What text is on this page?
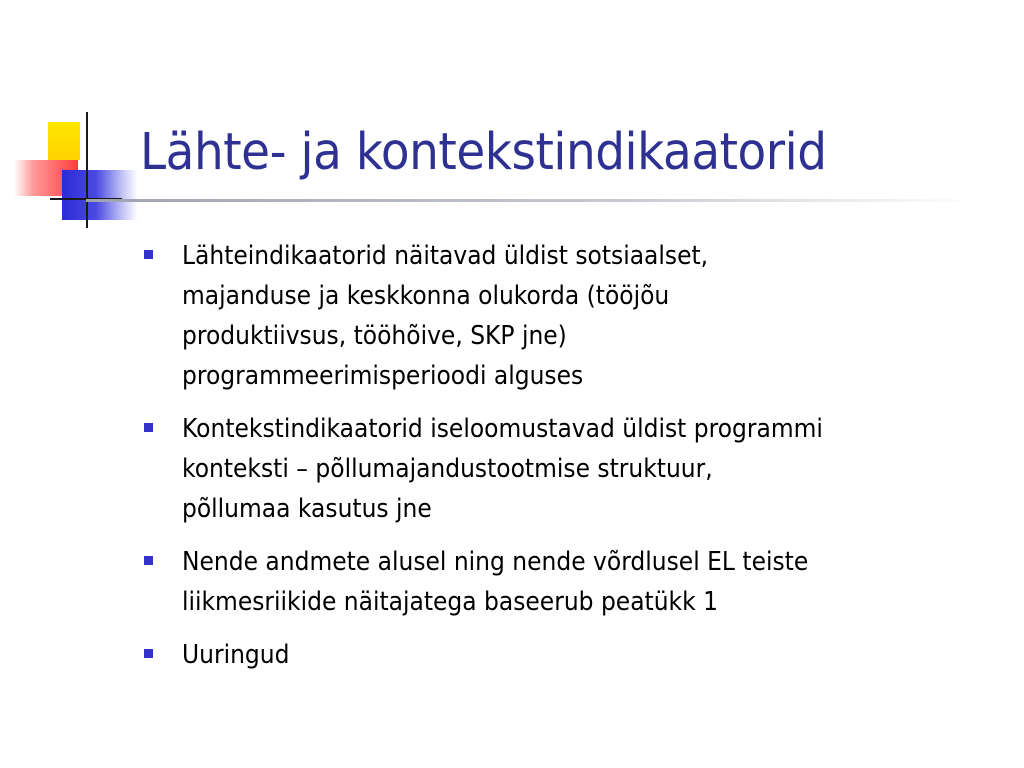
Lähte- ja kontekstindikaatorid
Lähteindikaatorid näitavad üldist sotsiaalset,
majanduse ja keskkonna olukorda (tööjõu
produktiivsus, tööhõive, SKP jne)
programmeerimisperioodi alguses
Kontekstindikaatorid iseloomustavad üldist programmi
konteksti – põllumajandustootmise struktuur,
põllumaa kasutus jne
Nende andmete alusel ning nende võrdlusel EL teiste
liikmesriikide näitajatega baseerub peatükk 1
Uuringud
